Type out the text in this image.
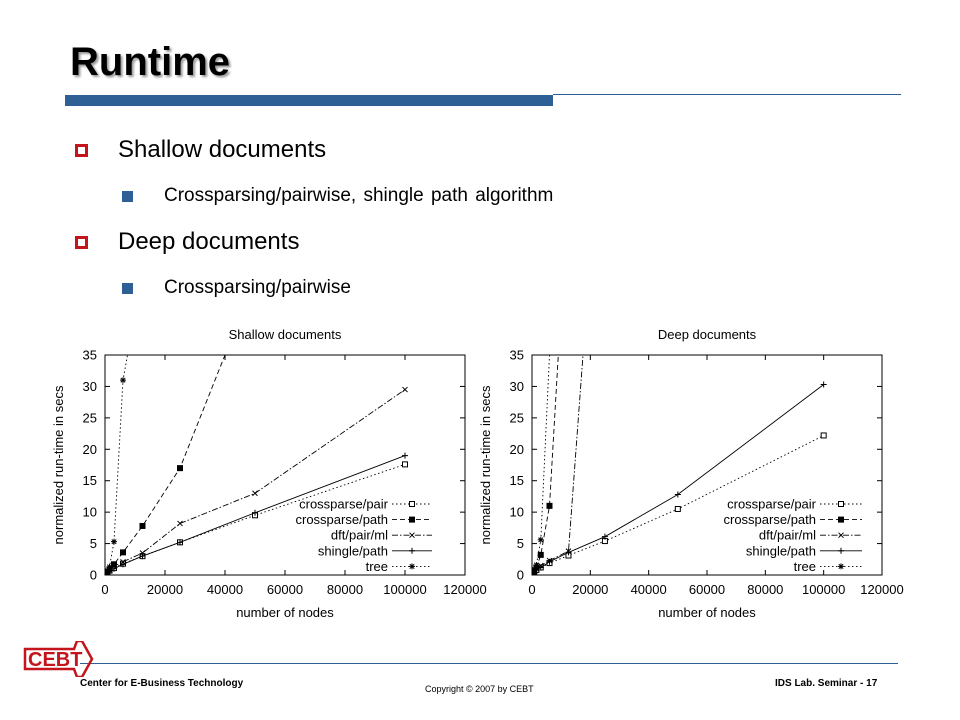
Runtime
Shallow documents
Crossparsing/pairwise, shingle path algorithm
Deep documents
Crossparsing/pairwise
Shallow documents
normalized run-time in secs
number of nodes
0
5
10
15
20
25
30
35
0	20000 40000 60000 80000 100000 120000
crossparse/pair
crossparse/path
dft/pair/ml
shingle/path
tree
Deep documents
normalized run-time in secs
number of nodes
0
5
10
15
20
25
30
35
0	20000 40000 60000 80000 100000 120000
crossparse/pair
crossparse/path
dft/pair/ml
shingle/path
tree
CEBT
Center for E-Business Technology	Copyright © 2007 by CEBT	IDS Lab. Seminar - 17
